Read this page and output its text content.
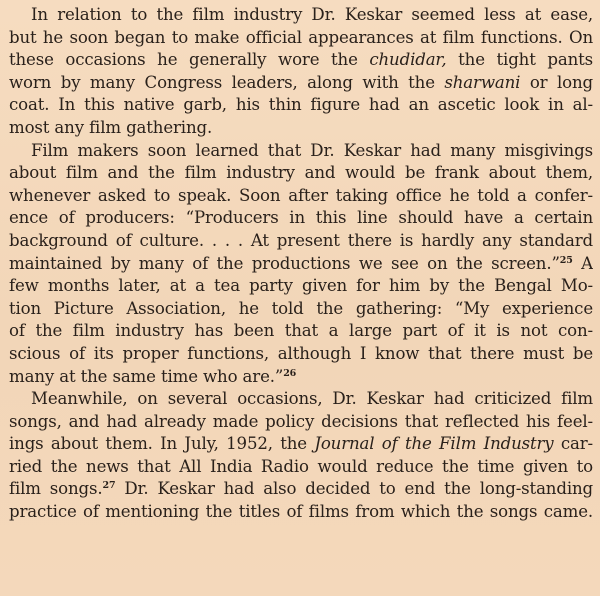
In relation to the film industry Dr. Keskar seemed less at ease,
but he soon began to make official appearances at film functions. On
these occasions he generally wore the chudidar, the tight pants
worn by many Congress leaders, along with the sharwani or long
coat. In this native garb, his thin figure had an ascetic look in al-
most any film gathering.
Film makers soon learned that Dr. Keskar had many misgivings
about film and the film industry and would be frank about them,
whenever asked to speak. Soon after taking office he told a confer-
ence of producers: “Producers in this line should have a certain
background of culture. . . . At present there is hardly any standard
maintained by many of the productions we see on the screen.”$^{25}$ A
few months later, at a tea party given for him by the Bengal Mo-
tion Picture Association, he told the gathering: “My experience
of the film industry has been that a large part of it is not con-
scious of its proper functions, although I know that there must be
many at the same time who are.”$^{26}$
Meanwhile, on several occasions, Dr. Keskar had criticized film
songs, and had already made policy decisions that reflected his feel-
ings about them. In July, 1952, the Journal of the Film Industry car-
ried the news that All India Radio would reduce the time given to
film songs.$^{27}$ Dr. Keskar had also decided to end the long-standing
practice of mentioning the titles of films from which the songs came.
